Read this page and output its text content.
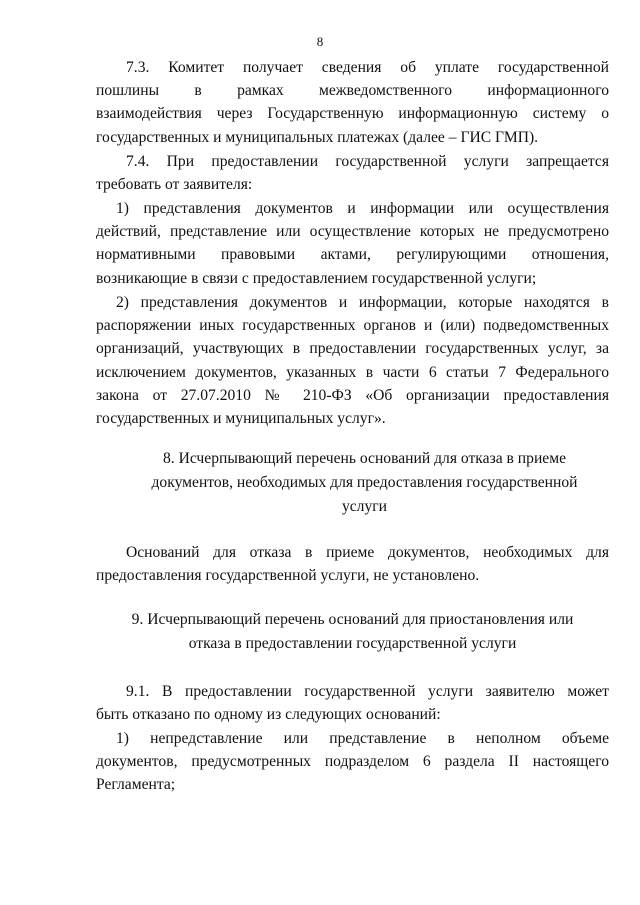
8

7.3. Комитет получает сведения об уплате государственной
пошлины в рамках межведомственного информационного
взаимодействия через Государственную информационную систему о
государственных и муниципальных платежах (далее – ГИС ГМП).

7.4. При предоставлении государственной услуги запрещается
требовать от заявителя:

1) представления документов и информации или осуществления
действий, представление или осуществление которых не предусмотрено
нормативными правовыми актами, регулирующими отношения,
возникающие в связи с предоставлением государственной услуги;

2) представления документов и информации, которые находятся в
распоряжении иных государственных органов и (или) подведомственных
организаций, участвующих в предоставлении государственных услуг, за
исключением документов, указанных в части 6 статьи 7 Федерального
закона от 27.07.2010 № 210-ФЗ «Об организации предоставления
государственных и муниципальных услуг».

8. Исчерпывающий перечень оснований для отказа в приеме
документов, необходимых для предоставления государственной
услуги

Оснований для отказа в приеме документов, необходимых для
предоставления государственной услуги, не установлено.

9. Исчерпывающий перечень оснований для приостановления или
отказа в предоставлении государственной услуги

9.1. В предоставлении государственной услуги заявителю может
быть отказано по одному из следующих оснований:

1) непредставление или представление в неполном объеме
документов, предусмотренных подразделом 6 раздела II настоящего
Регламента;
